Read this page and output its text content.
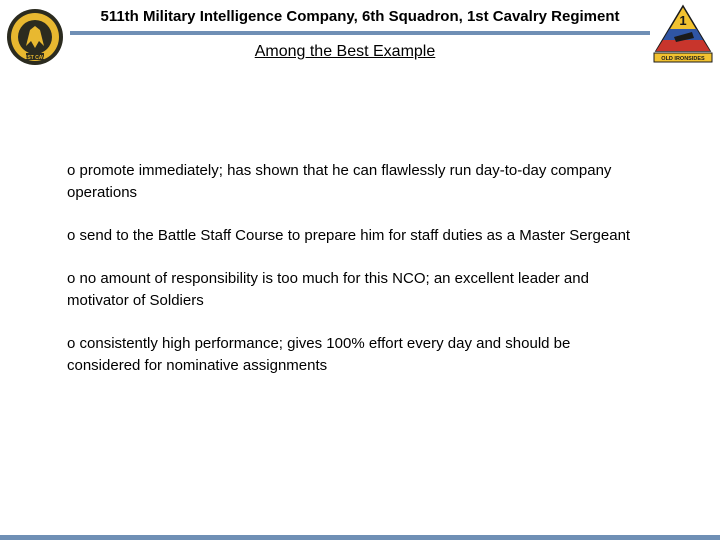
1ST CAV
511th Military Intelligence Company, 6th Squadron, 1st Cavalry Regiment	1
OLD IRONSIDES
Among the Best Example
o promote immediately; has shown that he can flawlessly run day-to-day company operations
o send to the Battle Staff Course to prepare him for staff duties as a Master Sergeant
o no amount of responsibility is too much for this NCO; an excellent leader and motivator of Soldiers
o consistently high performance; gives 100% effort every day and should be considered for nominative assignments
